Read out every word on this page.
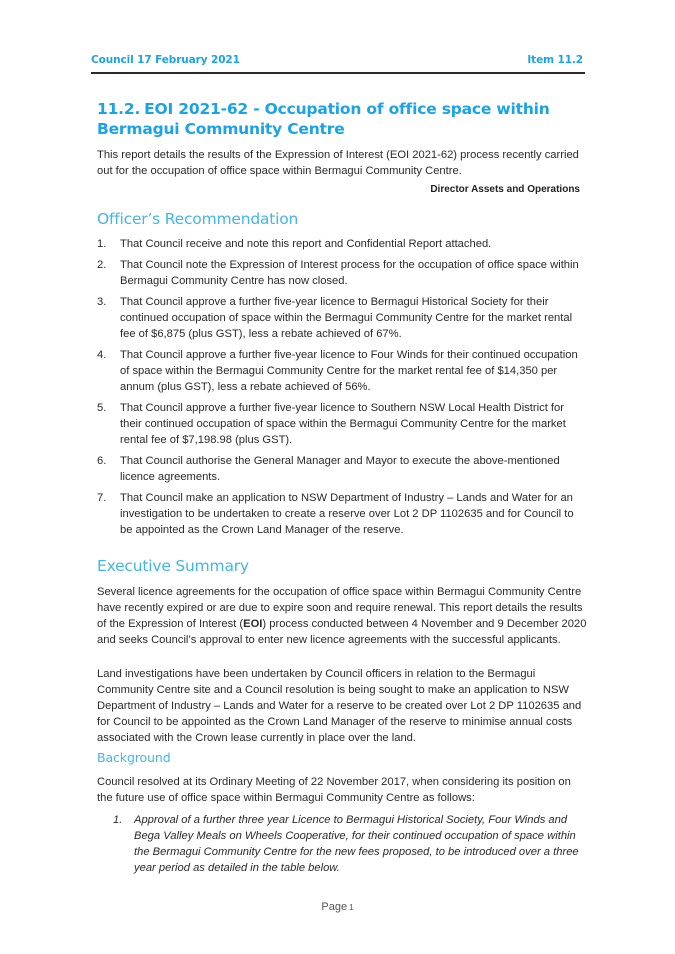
Council 17 February 2021	Item 11.2
11.2. EOI 2021-62 - Occupation of office space within Bermagui Community Centre

This report details the results of the Expression of Interest (EOI 2021-62) process recently carried out for the occupation of office space within Bermagui Community Centre.

Director Assets and Operations
Officer’s Recommendation
1. That Council receive and note this report and Confidential Report attached.
2. That Council note the Expression of Interest process for the occupation of office space within Bermagui Community Centre has now closed.
3. That Council approve a further five-year licence to Bermagui Historical Society for their continued occupation of space within the Bermagui Community Centre for the market rental fee of $6,875 (plus GST), less a rebate achieved of 67%.
4. That Council approve a further five-year licence to Four Winds for their continued occupation of space within the Bermagui Community Centre for the market rental fee of $14,350 per annum (plus GST), less a rebate achieved of 56%.
5. That Council approve a further five-year licence to Southern NSW Local Health District for their continued occupation of space within the Bermagui Community Centre for the market rental fee of $7,198.98 (plus GST).
6. That Council authorise the General Manager and Mayor to execute the above-mentioned licence agreements.
7. That Council make an application to NSW Department of Industry – Lands and Water for an investigation to be undertaken to create a reserve over Lot 2 DP 1102635 and for Council to be appointed as the Crown Land Manager of the reserve.
Executive Summary

Several licence agreements for the occupation of office space within Bermagui Community Centre have recently expired or are due to expire soon and require renewal. This report details the results of the Expression of Interest (EOI) process conducted between 4 November and 9 December 2020 and seeks Council’s approval to enter new licence agreements with the successful applicants.

Land investigations have been undertaken by Council officers in relation to the Bermagui Community Centre site and a Council resolution is being sought to make an application to NSW Department of Industry – Lands and Water for a reserve to be created over Lot 2 DP 1102635 and for Council to be appointed as the Crown Land Manager of the reserve to minimise annual costs associated with the Crown lease currently in place over the land.

Background

Council resolved at its Ordinary Meeting of 22 November 2017, when considering its position on the future use of office space within Bermagui Community Centre as follows:

1. Approval of a further three year Licence to Bermagui Historical Society, Four Winds and Bega Valley Meals on Wheels Cooperative, for their continued occupation of space within the Bermagui Community Centre for the new fees proposed, to be introduced over a three year period as detailed in the table below.
Page 1
